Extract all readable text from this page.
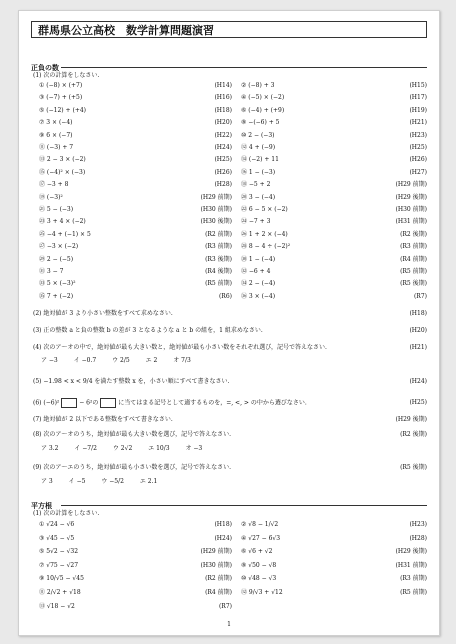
群馬県公立高校　数学計算問題演習
正負の数
(1) 次の計算をしなさい.
① (−8) × (+7)	(H14) ② (−8) + 3	(H15)
③ (−7) + (+5)	(H16) ④ (−5) × (−2)	(H17)
⑤ (−12) + (+4)	(H18) ⑥ (−4) + (+9)	(H19)
⑦ 3 × (−4)	(H20) ⑧ −(−6) + 5	(H21)
⑨ 6 × (−7)	(H22) ⑩ 2 − (−3)	(H23)
⑪ (−3) + 7	(H24) ⑫ 4 + (−9)	(H25)
⑬ 2 − 3 × (−2)	(H25) ⑭ (−2) + 11	(H26)
⑮ (−4)² × (−3)	(H26) ⑯ 1 − (−3)	(H27)
⑰ −3 + 8	(H28) ⑱ −5 + 2	(H29 前期)
⑲ (−3)²	(H29 前期) ⑳ 3 − (−4)	(H29 後期)
㉑ 5 − (−3)	(H30 前期) ㉒ 6 − 5 × (−2)	(H30 前期)
㉓ 3 + 4 × (−2)	(H30 後期) ㉔ −7 + 3	(H31 前期)
㉕ −4 + (−1) × 5	(R2 前期) ㉖ 1 + 2 × (−4)	(R2 後期)
㉗ −3 × (−2)	(R3 前期) ㉘ 8 − 4 ÷ (−2)²	(R3 前期)
㉙ 2 − (−5)	(R3 後期) ㉚ 1 − (−4)	(R4 前期)
㉛ 3 − 7	(R4 後期) ㉜ −6 + 4	(R5 前期)
㉝ 5 × (−3)²	(R5 前期) ㉞ 2 − (−4)	(R5 後期)
㉟ 7 + (−2)	(R6) ㊱ 3 × (−4)	(R7)
(2) 絶対値が 3 より小さい整数をすべて求めなさい.	(H18)
(3) 正の整数 a と負の整数 b の差が 3 となるような a と b の組を，1 組求めなさい.	(H20)
(4) 次のア〜オの中で，絶対値が最も大きい数と，絶対値が最も小さい数をそれぞれ選び，記号で答えなさい.	(H21)
ア −3	イ −0.7	ウ 2/5	エ 2	オ 7/3
(5) −1.98 < x < 9/4 を満たす整数 x を，小さい順にすべて書きなさい.	(H24)
(6) (−6)²	− 6²の	に当てはまる記号として適するものを，=, <, > の中から選びなさい.	(H25)
(7) 絶対値が 2 以下である整数をすべて書きなさい.	(H29 後期)
(8) 次のア〜オのうち，絶対値が最も大きい数を選び，記号で答えなさい.	(R2 後期)
ア 3.2	イ −7/2	ウ 2√2	エ 10/3	オ −3
(9) 次のア〜エのうち，絶対値が最も小さい数を選び，記号で答えなさい.	(R5 後期)
ア 3	イ −5	ウ −5/2	エ 2.1
平方根
(1) 次の計算をしなさい.
① √24 − √6	(H18) ② √8 − 1/√2	(H23)
③ √45 − √5	(H24) ④ √27 − 6√3	(H28)
⑤ 5√2 − √32	(H29 前期) ⑥ √6 + √2	(H29 後期)
⑦ √75 − √27	(H30 前期) ⑧ √50 − √8	(H31 前期)
⑨ 10/√5 − √45	(R2 前期) ⑩ √48 − √3	(R3 前期)
⑪ 2/√2 + √18	(R4 前期) ⑫ 9/√3 + √12	(R5 前期)
⑬ √18 − √2	(R7)
1
